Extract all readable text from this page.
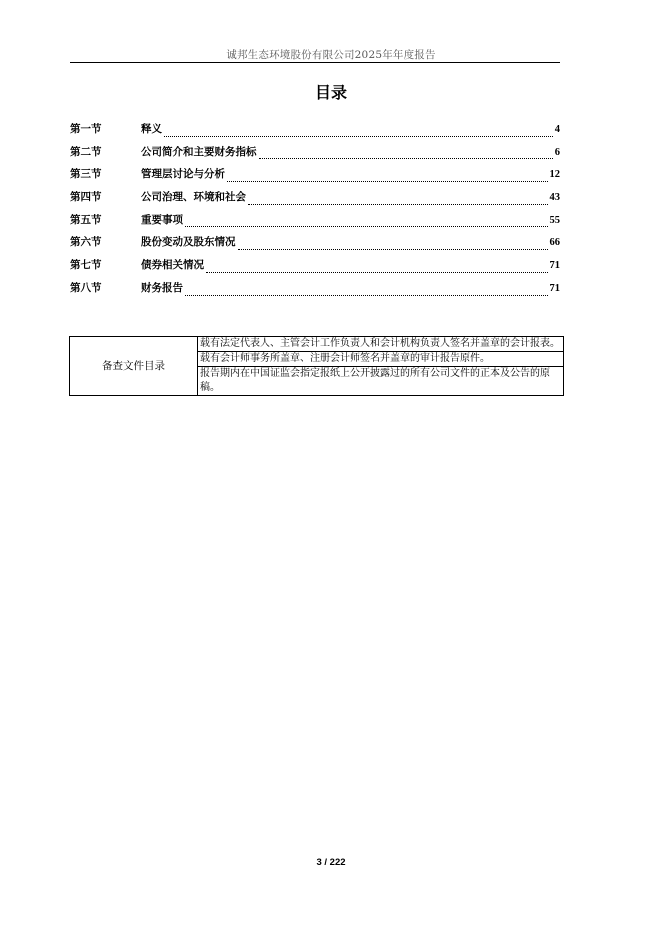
诚邦生态环境股份有限公司2025年年度报告
目录
第一节	释义	4
第二节	公司简介和主要财务指标	6
第三节	管理层讨论与分析	12
第四节	公司治理、环境和社会	43
第五节	重要事项	55
第六节	股份变动及股东情况	66
第七节	债券相关情况	71
第八节	财务报告	71
备查文件目录	载有法定代表人、主管会计工作负责人和会计机构负责人签名并盖章的会计报表。
载有会计师事务所盖章、注册会计师签名并盖章的审计报告原件。
报告期内在中国证监会指定报纸上公开披露过的所有公司文件的正本及公告的原稿。
3 / 222
